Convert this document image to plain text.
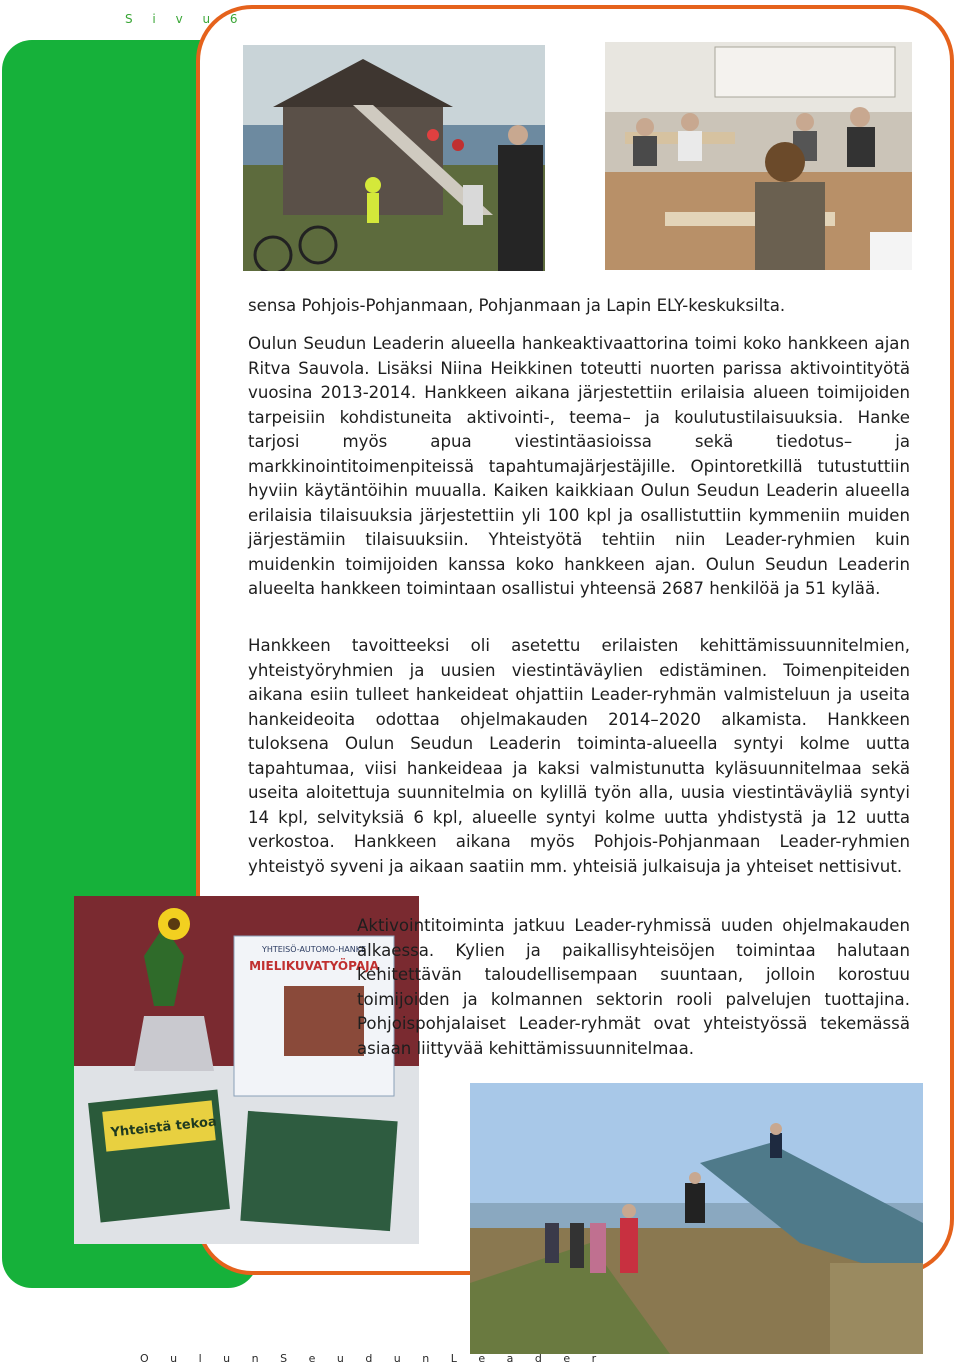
S i v u 6
YHTEISÖ-AUTOMO-HANKE
MIELIKUVATYÖPAJA
Yhteistä tekoa

sensa Pohjois-Pohjanmaan, Pohjanmaan ja Lapin ELY-keskuksilta.

Oulun Seudun Leaderin alueella hankeaktivaattorina toimi koko hankkeen ajan Ritva Sauvola. Lisäksi Niina Heikkinen toteutti nuorten parissa aktivointityötä vuosina 2013-2014. Hankkeen aikana järjestettiin erilaisia alueen toimijoiden tarpeisiin kohdistuneita aktivointi-, teema– ja koulutustilaisuuksia. Hanke tarjosi myös apua viestintäasioissa sekä tiedotus– ja markkinointitoimenpiteissä tapahtumajärjestäjille. Opintoretkillä tutustuttiin hyviin käytäntöihin muualla. Kaiken kaikkiaan Oulun Seudun Leaderin alueella erilaisia tilaisuuksia järjestettiin yli 100 kpl ja osallistuttiin kymmeniin muiden järjestämiin tilaisuuksiin. Yhteistyötä tehtiin niin Leader-ryhmien kuin muidenkin toimijoiden kanssa koko hankkeen ajan. Oulun Seudun Leaderin alueelta hankkeen toimintaan osallistui yhteensä 2687 henkilöä ja 51 kylää.

Hankkeen tavoitteeksi oli asetettu erilaisten kehittämissuunnitelmien, yhteistyöryhmien ja uusien viestintäväylien edistäminen. Toimenpiteiden aikana esiin tulleet hankeideat ohjattiin Leader-ryhmän valmisteluun ja useita hankeideoita odottaa ohjelmakauden 2014–2020 alkamista. Hankkeen tuloksena Oulun Seudun Leaderin toiminta-alueella syntyi kolme uutta tapahtumaa, viisi hankeideaa ja kaksi valmistunutta kyläsuunnitelmaa sekä useita aloitettuja suunnitelmia on kylillä työn alla, uusia viestintäväyliä syntyi 14 kpl, selvityksiä 6 kpl, alueelle syntyi kolme uutta yhdistystä ja 12 uutta verkostoa. Hankkeen aikana myös Pohjois-Pohjanmaan Leader-ryhmien yhteistyö syveni ja aikaan saatiin mm. yhteisiä julkaisuja ja yhteiset nettisivut.

Aktivointitoiminta jatkuu Leader-ryhmissä uuden ohjelmakauden alkaessa. Kylien ja paikallisyhteisöjen toimintaa halutaan kehitettävän taloudellisempaan suuntaan, jolloin korostuu toimijoiden ja kolmannen sektorin rooli palvelujen tuottajina. Pohjoispohjalaiset Leader-ryhmät ovat yhteistyössä tekemässä asiaan liittyvää kehittämissuunnitelmaa.

O u l u n S e u d u n L e a d e r
